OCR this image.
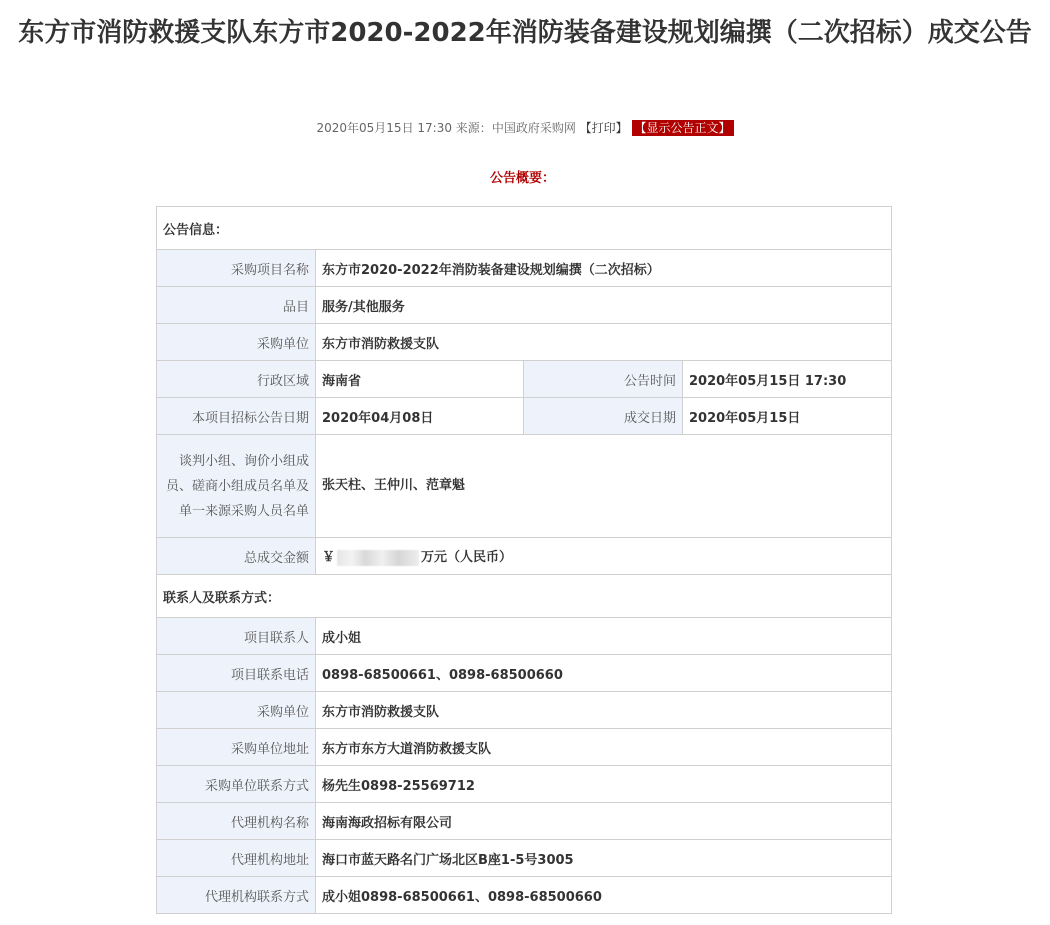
东方市消防救援支队东方市2020-2022年消防装备建设规划编撰（二次招标）成交公告
2020年05月15日 17:30 来源：中国政府采购网 【打印】 【显示公告正文】
公告概要：
公告信息：			
采购项目名称	东方市2020-2022年消防装备建设规划编撰（二次招标）		
品目	服务/其他服务		
采购单位	东方市消防救援支队		
行政区域	海南省	公告时间	2020年05月15日 17:30
本项目招标公告日期	2020年04月08日	成交日期	2020年05月15日
谈判小组、询价小组成员、磋商小组成员名单及单一来源采购人员名单	张天柱、王仲川、范章魁		
总成交金额	￥ 万元（人民币）		
联系人及联系方式：			
项目联系人	成小姐		
项目联系电话	0898-68500661、0898-68500660		
采购单位	东方市消防救援支队		
采购单位地址	东方市东方大道消防救援支队		
采购单位联系方式	杨先生0898-25569712		
代理机构名称	海南海政招标有限公司		
代理机构地址	海口市蓝天路名门广场北区B座1-5号3005		
代理机构联系方式	成小姐0898-68500661、0898-68500660		
